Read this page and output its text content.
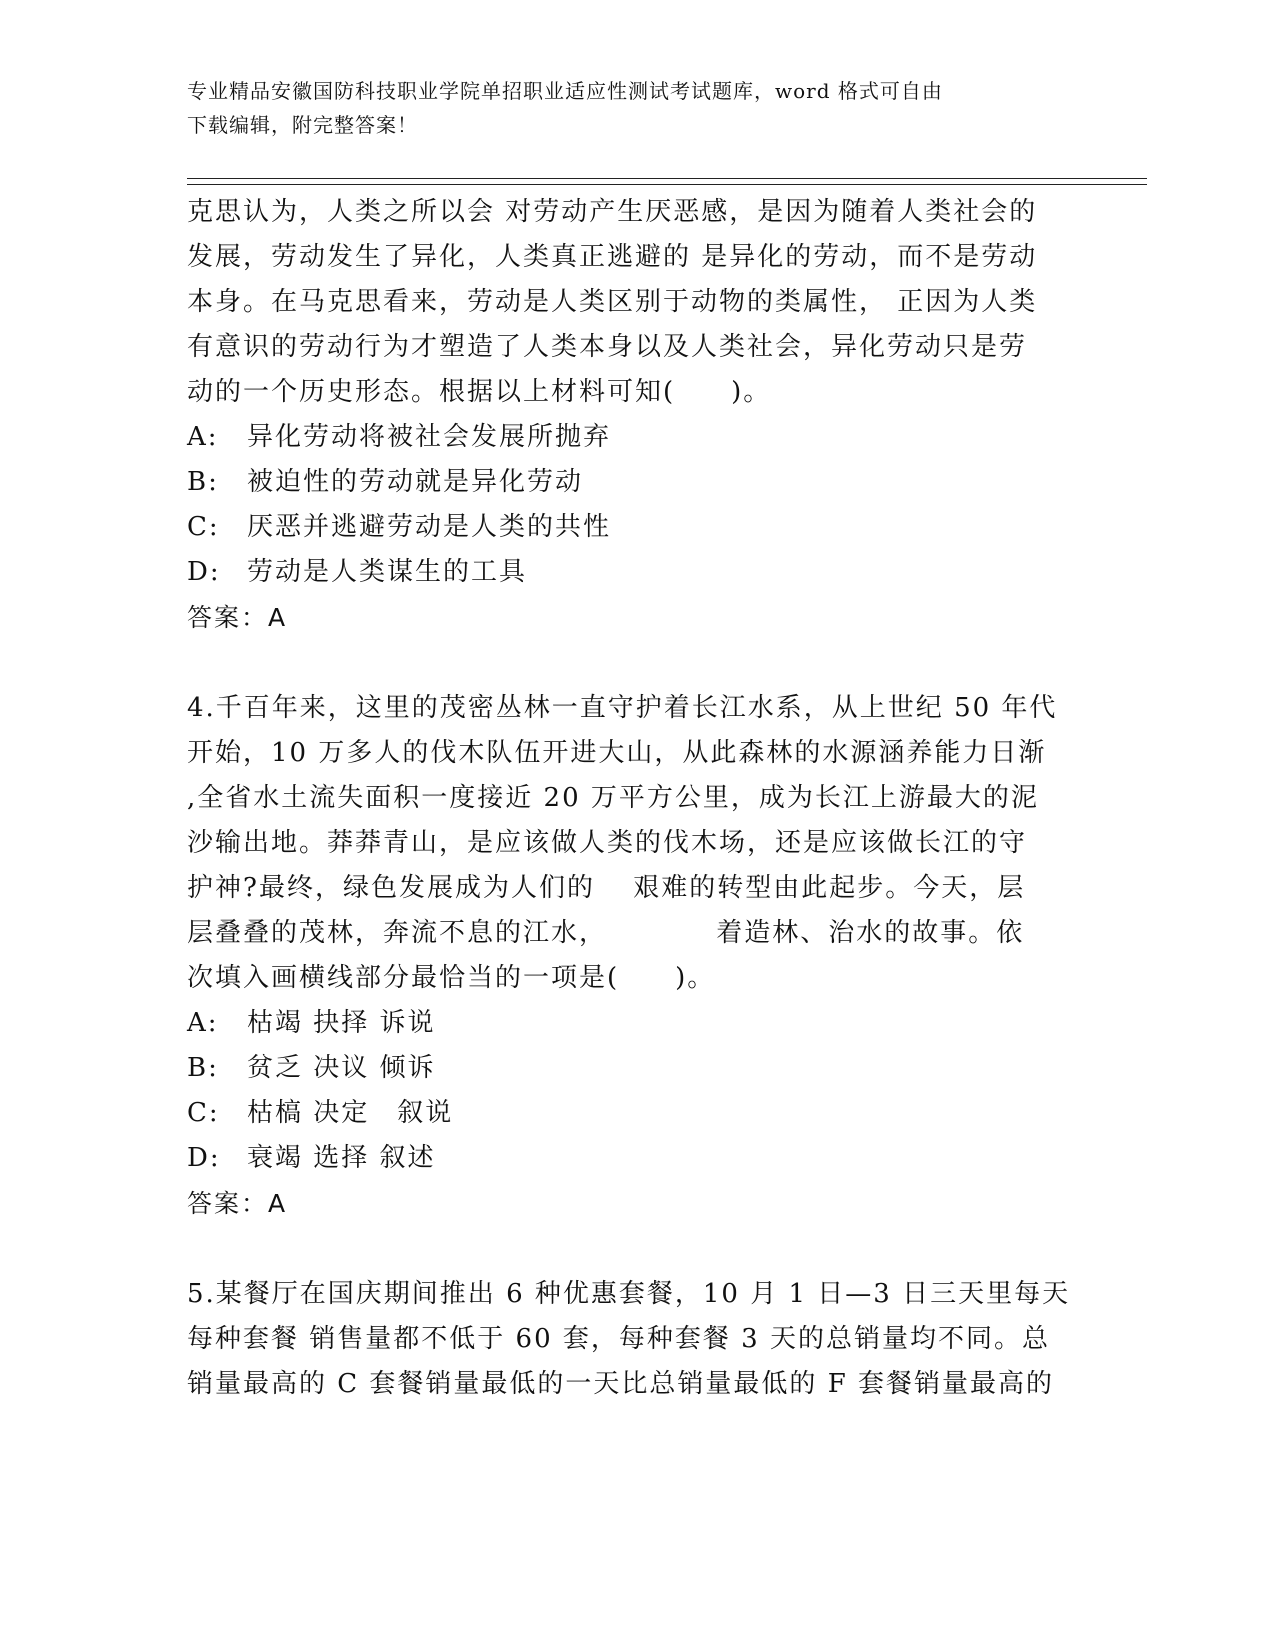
专业精品安徽国防科技职业学院单招职业适应性测试考试题库，word 格式可自由
下载编辑，附完整答案！

克思认为，人类之所以会 对劳动产生厌恶感，是因为随着人类社会的

发展，劳动发生了异化，人类真正逃避的 是异化的劳动，而不是劳动

本身。在马克思看来，劳动是人类区别于动物的类属性， 正因为人类

有意识的劳动行为才塑造了人类本身以及人类社会，异化劳动只是劳

动的一个历史形态。根据以上材料可知(　　)。

A:	异化劳动将被社会发展所抛弃
B:	被迫性的劳动就是异化劳动
C:	厌恶并逃避劳动是人类的共性
D:	劳动是人类谋生的工具

答案：A

4.千百年来，这里的茂密丛林一直守护着长江水系，从上世纪 50 年代

开始，10 万多人的伐木队伍开进大山，从此森林的水源涵养能力日渐

,全省水土流失面积一度接近 20 万平方公里，成为长江上游最大的泥

沙输出地。莽莽青山，是应该做人类的伐木场，还是应该做长江的守

护神?最终，绿色发展成为人们的　 艰难的转型由此起步。今天，层

层叠叠的茂林，奔流不息的江水，　　　　 着造林、治水的故事。依

次填入画横线部分最恰当的一项是(　　)。

A:	枯竭 抉择 诉说
B:	贫乏 决议 倾诉
C:	枯槁 决定　叙说
D:	衰竭 选择 叙述

答案：A

5.某餐厅在国庆期间推出 6 种优惠套餐，10 月 1 日—3 日三天里每天

每种套餐 销售量都不低于 60 套，每种套餐 3 天的总销量均不同。总

销量最高的 C 套餐销量最低的一天比总销量最低的 F 套餐销量最高的
